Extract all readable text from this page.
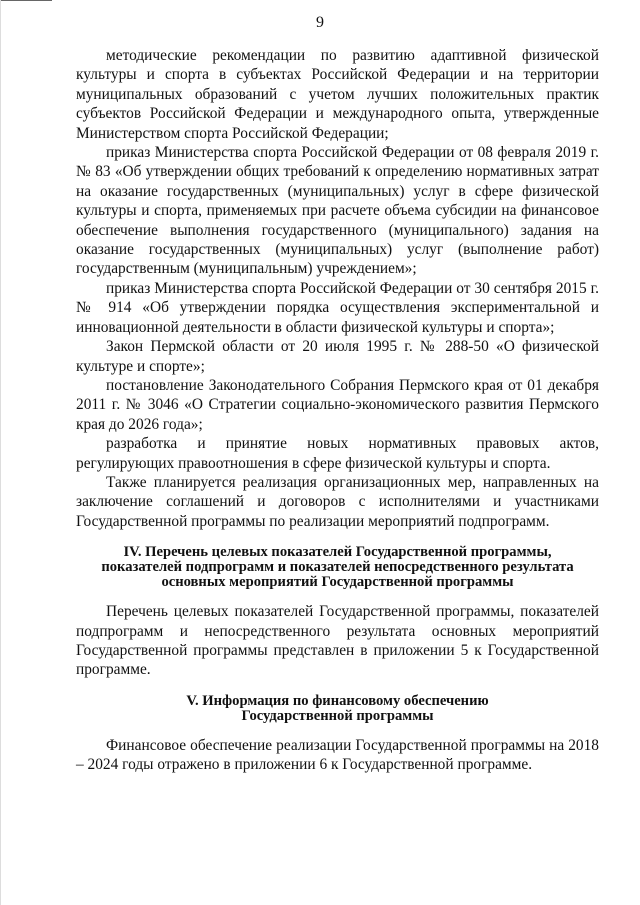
9

методические рекомендации по развитию адаптивной физической культуры и спорта в субъектах Российской Федерации и на территории муниципальных образований с учетом лучших положительных практик субъектов Российской Федерации и международного опыта, утвержденные Министерством спорта Российской Федерации;

приказ Министерства спорта Российской Федерации от 08 февраля 2019 г. № 83 «Об утверждении общих требований к определению нормативных затрат на оказание государственных (муниципальных) услуг в сфере физической культуры и спорта, применяемых при расчете объема субсидии на финансовое обеспечение выполнения государственного (муниципального) задания на оказание государственных (муниципальных) услуг (выполнение работ) государственным (муниципальным) учреждением»;

приказ Министерства спорта Российской Федерации от 30 сентября 2015 г. № 914 «Об утверждении порядка осуществления экспериментальной и инновационной деятельности в области физической культуры и спорта»;

Закон Пермской области от 20 июля 1995 г. № 288-50 «О физической культуре и спорте»;

постановление Законодательного Собрания Пермского края от 01 декабря 2011 г. № 3046 «О Стратегии социально-экономического развития Пермского края до 2026 года»;

разработка и принятие новых нормативных правовых актов, регулирующих правоотношения в сфере физической культуры и спорта.

Также планируется реализация организационных мер, направленных на заключение соглашений и договоров с исполнителями и участниками Государственной программы по реализации мероприятий подпрограмм.

IV. Перечень целевых показателей Государственной программы,

показателей подпрограмм и показателей непосредственного результата

основных мероприятий Государственной программы

Перечень целевых показателей Государственной программы, показателей подпрограмм и непосредственного результата основных мероприятий Государственной программы представлен в приложении 5 к Государственной программе.

V. Информация по финансовому обеспечению

Государственной программы

Финансовое обеспечение реализации Государственной программы на 2018 – 2024 годы отражено в приложении 6 к Государственной программе.
